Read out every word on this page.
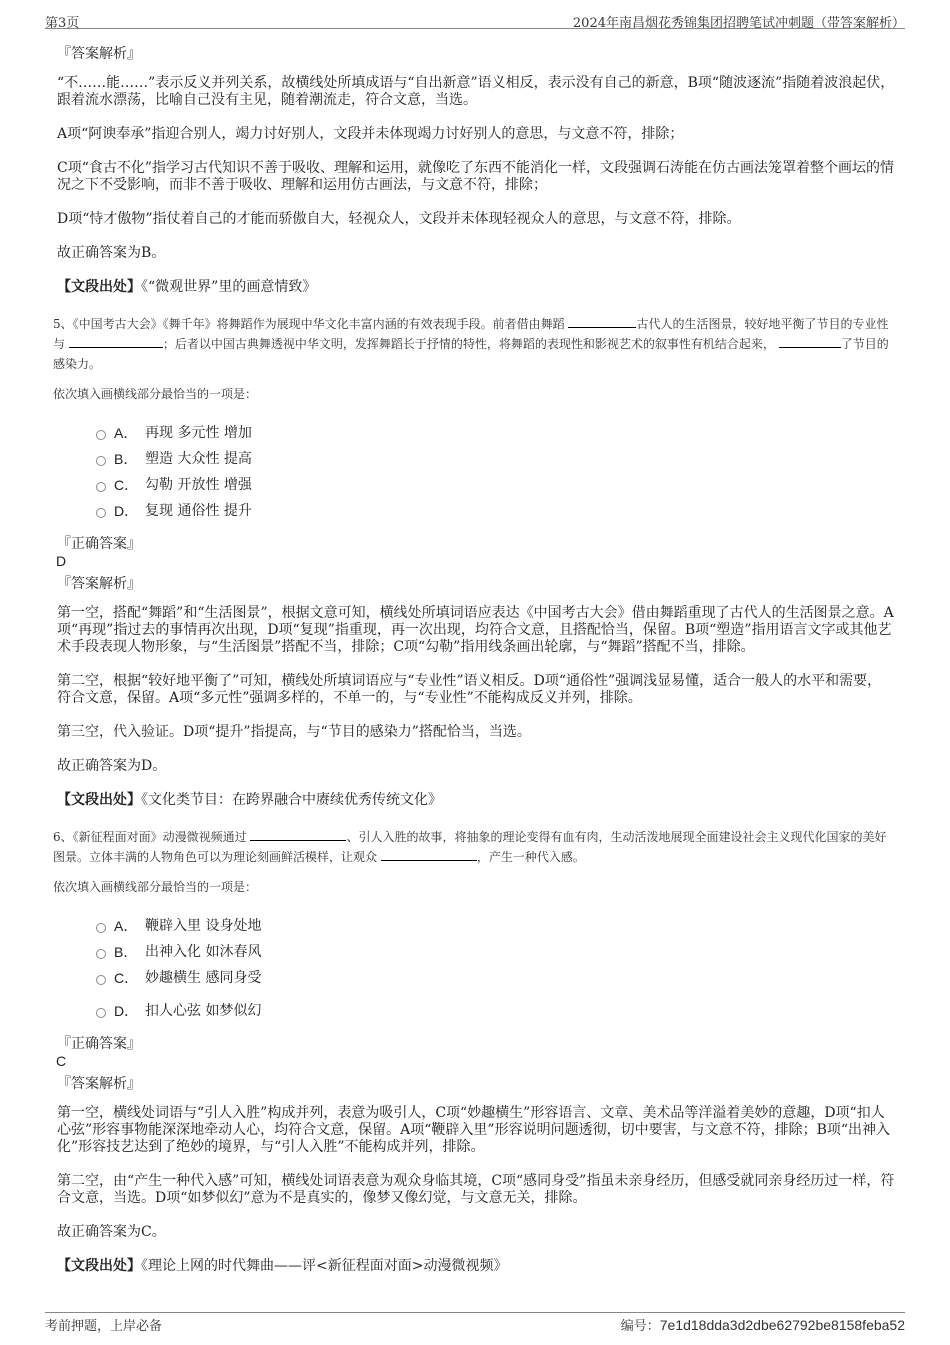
第3页	2024年南昌烟花秀锦集团招聘笔试冲刺题（带答案解析）
『答案解析』
“不……能……”表示反义并列关系，故横线处所填成语与“自出新意”语义相反，表示没有自己的新意，B项“随波逐流”指随着波浪起伏，跟着流水漂荡，比喻自己没有主见，随着潮流走，符合文意，当选。
A项“阿谀奉承”指迎合别人，竭力讨好别人，文段并未体现竭力讨好别人的意思，与文意不符，排除；
C项“食古不化”指学习古代知识不善于吸收、理解和运用，就像吃了东西不能消化一样，文段强调石涛能在仿古画法笼罩着整个画坛的情况之下不受影响，而非不善于吸收、理解和运用仿古画法，与文意不符，排除；
D项“恃才傲物”指仗着自己的才能而骄傲自大，轻视众人，文段并未体现轻视众人的意思，与文意不符，排除。
故正确答案为B。
【文段出处】《“微观世界”里的画意情致》
5、《中国考古大会》《舞千年》将舞蹈作为展现中华文化丰富内涵的有效表现手段。前者借由舞蹈	古代人的生活图景，较好地平衡了节目的专业性与	；后者以中国古典舞透视中华文明，发挥舞蹈长于抒情的特性，将舞蹈的表现性和影视艺术的叙事性有机结合起来，	了节目的感染力。
依次填入画横线部分最恰当的一项是：
A． 再现 多元性 增加
B． 塑造 大众性 提高
C． 勾勒 开放性 增强
D． 复现 通俗性 提升
『正确答案』
D
『答案解析』
第一空，搭配“舞蹈”和“生活图景”，根据文意可知，横线处所填词语应表达《中国考古大会》借由舞蹈重现了古代人的生活图景之意。A项“再现”指过去的事情再次出现，D项“复现”指重现，再一次出现，均符合文意，且搭配恰当，保留。B项“塑造”指用语言文字或其他艺术手段表现人物形象，与“生活图景”搭配不当，排除；C项“勾勒”指用线条画出轮廓，与“舞蹈”搭配不当，排除。
第二空，根据“较好地平衡了”可知，横线处所填词语应与“专业性”语义相反。D项“通俗性”强调浅显易懂，适合一般人的水平和需要，符合文意，保留。A项“多元性”强调多样的，不单一的，与“专业性”不能构成反义并列，排除。
第三空，代入验证。D项“提升”指提高，与“节目的感染力”搭配恰当，当选。
故正确答案为D。
【文段出处】《文化类节目：在跨界融合中赓续优秀传统文化》
6、《新征程面对面》动漫微视频通过	、引人入胜的故事，将抽象的理论变得有血有肉，生动活泼地展现全面建设社会主义现代化国家的美好图景。立体丰满的人物角色可以为理论刻画鲜活模样，让观众	，产生一种代入感。
依次填入画横线部分最恰当的一项是：
A． 鞭辟入里 设身处地
B． 出神入化 如沐春风
C． 妙趣横生 感同身受
D． 扣人心弦 如梦似幻
『正确答案』
C
『答案解析』
第一空，横线处词语与“引人入胜”构成并列，表意为吸引人，C项“妙趣横生”形容语言、文章、美术品等洋溢着美妙的意趣，D项“扣人心弦”形容事物能深深地牵动人心，均符合文意，保留。A项“鞭辟入里”形容说明问题透彻，切中要害，与文意不符，排除；B项“出神入化”形容技艺达到了绝妙的境界，与“引人入胜”不能构成并列，排除。
第二空，由“产生一种代入感”可知，横线处词语表意为观众身临其境，C项“感同身受”指虽未亲身经历，但感受就同亲身经历过一样，符合文意，当选。D项“如梦似幻”意为不是真实的，像梦又像幻觉，与文意无关，排除。
故正确答案为C。
【文段出处】《理论上网的时代舞曲——评<新征程面对面>动漫微视频》
考前押题，上岸必备	编号：7e1d18dda3d2dbe62792be8158feba52
